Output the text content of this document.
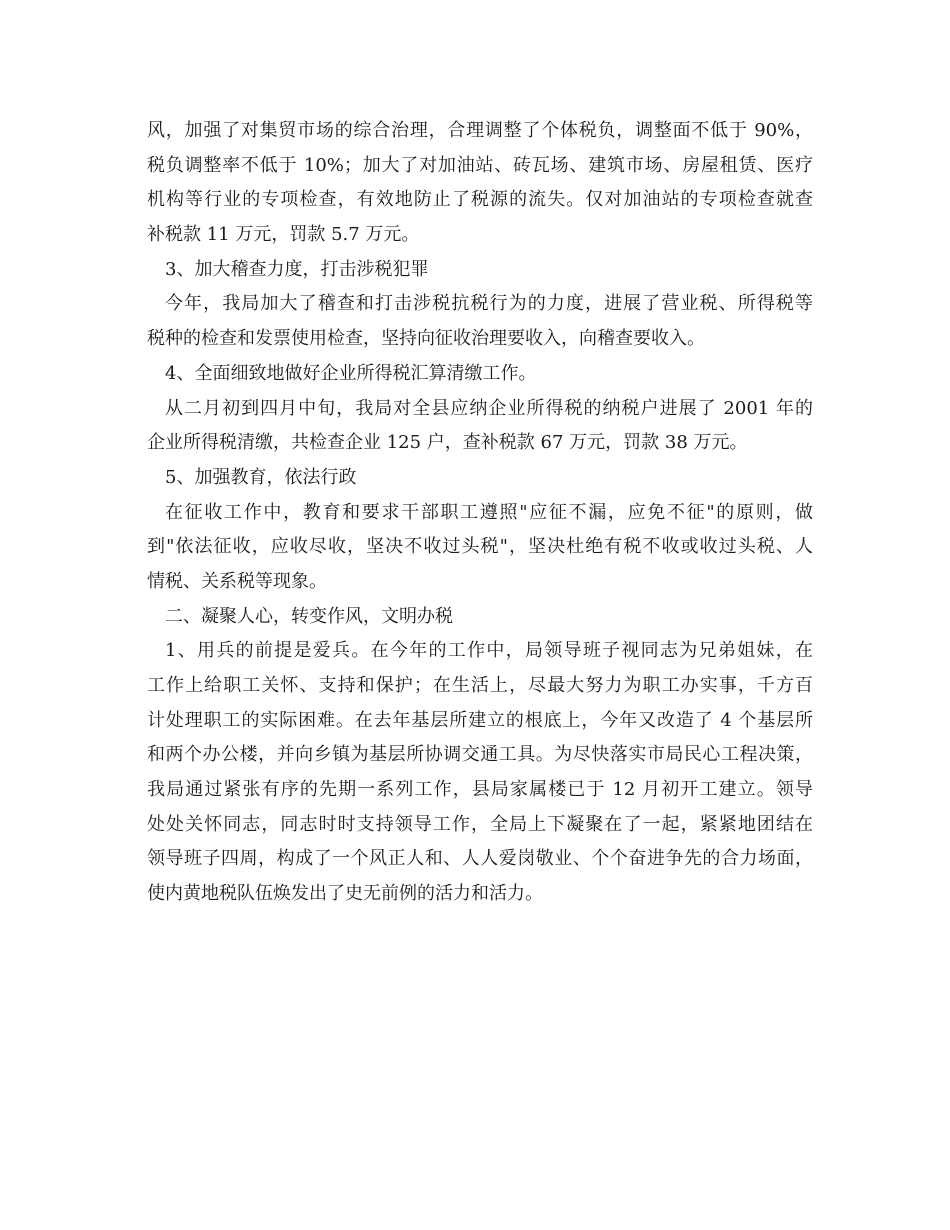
风，加强了对集贸市场的综合治理，合理调整了个体税负，调整面不低于 90%，
税负调整率不低于 10%；加大了对加油站、砖瓦场、建筑市场、房屋租赁、医疗
机构等行业的专项检查，有效地防止了税源的流失。仅对加油站的专项检查就查
补税款 11 万元，罚款 5.7 万元。
3、加大稽查力度，打击涉税犯罪
今年，我局加大了稽查和打击涉税抗税行为的力度，进展了营业税、所得税等
税种的检查和发票使用检查，坚持向征收治理要收入，向稽查要收入。
4、全面细致地做好企业所得税汇算清缴工作。
从二月初到四月中旬，我局对全县应纳企业所得税的纳税户进展了 2001 年的
企业所得税清缴，共检查企业 125 户，查补税款 67 万元，罚款 38 万元。
5、加强教育，依法行政
在征收工作中，教育和要求干部职工遵照"应征不漏，应免不征"的原则，做
到"依法征收，应收尽收，坚决不收过头税"，坚决杜绝有税不收或收过头税、人
情税、关系税等现象。
二、凝聚人心，转变作风，文明办税
1、用兵的前提是爱兵。在今年的工作中，局领导班子视同志为兄弟姐妹，在
工作上给职工关怀、支持和保护；在生活上，尽最大努力为职工办实事，千方百
计处理职工的实际困难。在去年基层所建立的根底上，今年又改造了 4 个基层所
和两个办公楼，并向乡镇为基层所协调交通工具。为尽快落实市局民心工程决策，
我局通过紧张有序的先期一系列工作，县局家属楼已于 12 月初开工建立。领导
处处关怀同志，同志时时支持领导工作，全局上下凝聚在了一起，紧紧地团结在
领导班子四周，构成了一个风正人和、人人爱岗敬业、个个奋进争先的合力场面，
使内黄地税队伍焕发出了史无前例的活力和活力。
